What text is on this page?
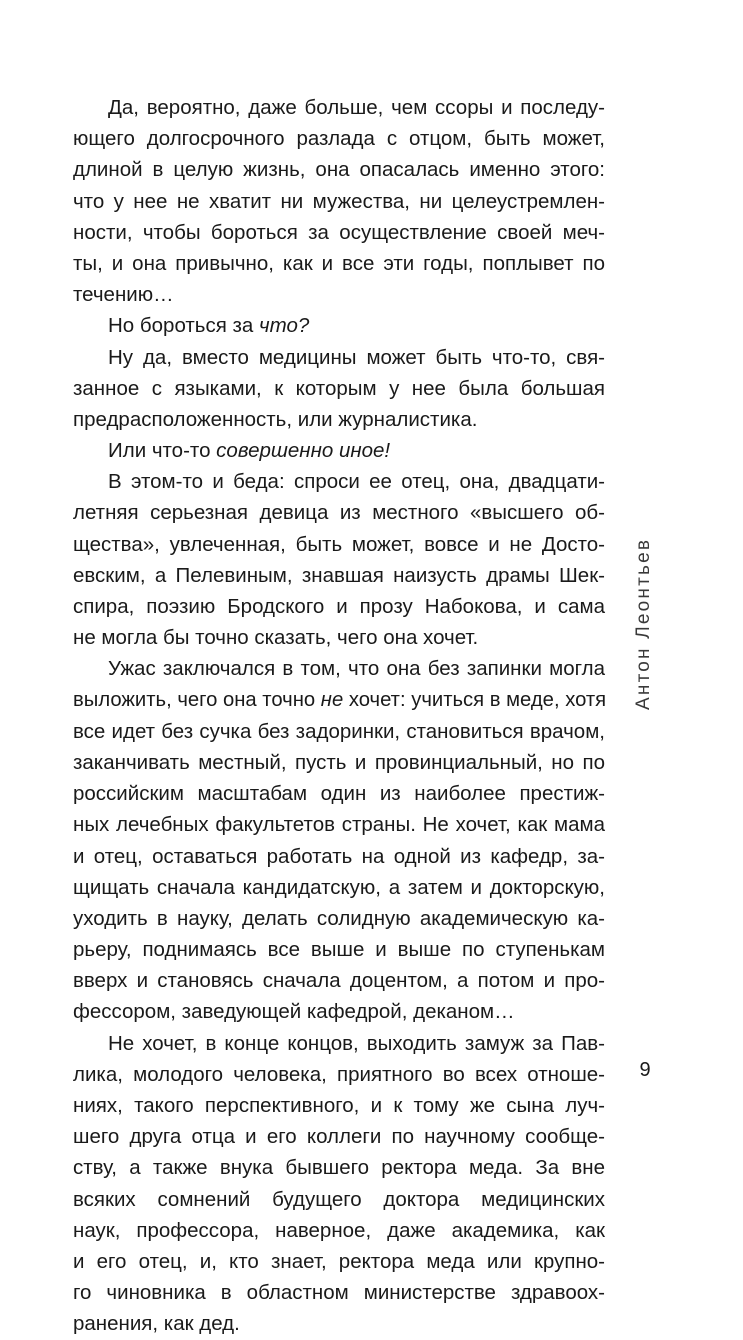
Да, вероятно, даже больше, чем ссоры и последу-
ющего долгосрочного разлада с отцом, быть может,
длиной в целую жизнь, она опасалась именно этого:
что у нее не хватит ни мужества, ни целеустремлен-
ности, чтобы бороться за осуществление своей меч-
ты, и она привычно, как и все эти годы, поплывет по
течению…
Но бороться за что?
Ну да, вместо медицины может быть что-то, свя-
занное с языками, к которым у нее была большая
предрасположенность, или журналистика.
Или что-то совершенно иное!
В этом-то и беда: спроси ее отец, она, двадцати-
летняя серьезная девица из местного «высшего об-
щества», увлеченная, быть может, вовсе и не Досто-
евским, а Пелевиным, знавшая наизусть драмы Шек-
спира, поэзию Бродского и прозу Набокова, и сама
не могла бы точно сказать, чего она хочет.
Ужас заключался в том, что она без запинки могла
выложить, чего она точно не хочет: учиться в меде, хотя
все идет без сучка без задоринки, становиться врачом,
заканчивать местный, пусть и провинциальный, но по
российским масштабам один из наиболее престиж-
ных лечебных факультетов страны. Не хочет, как мама
и отец, оставаться работать на одной из кафедр, за-
щищать сначала кандидатскую, а затем и докторскую,
уходить в науку, делать солидную академическую ка-
рьеру, поднимаясь все выше и выше по ступенькам
вверх и становясь сначала доцентом, а потом и про-
фессором, заведующей кафедрой, деканом…
Не хочет, в конце концов, выходить замуж за Пав-
лика, молодого человека, приятного во всех отноше-
ниях, такого перспективного, и к тому же сына луч-
шего друга отца и его коллеги по научному сообще-
ству, а также внука бывшего ректора меда. За вне
всяких сомнений будущего доктора медицинских
наук, профессора, наверное, даже академика, как
и его отец, и, кто знает, ректора меда или крупно-
го чиновника в областном министерстве здравоох-
ранения, как дед.
Антон Леонтьев
9
